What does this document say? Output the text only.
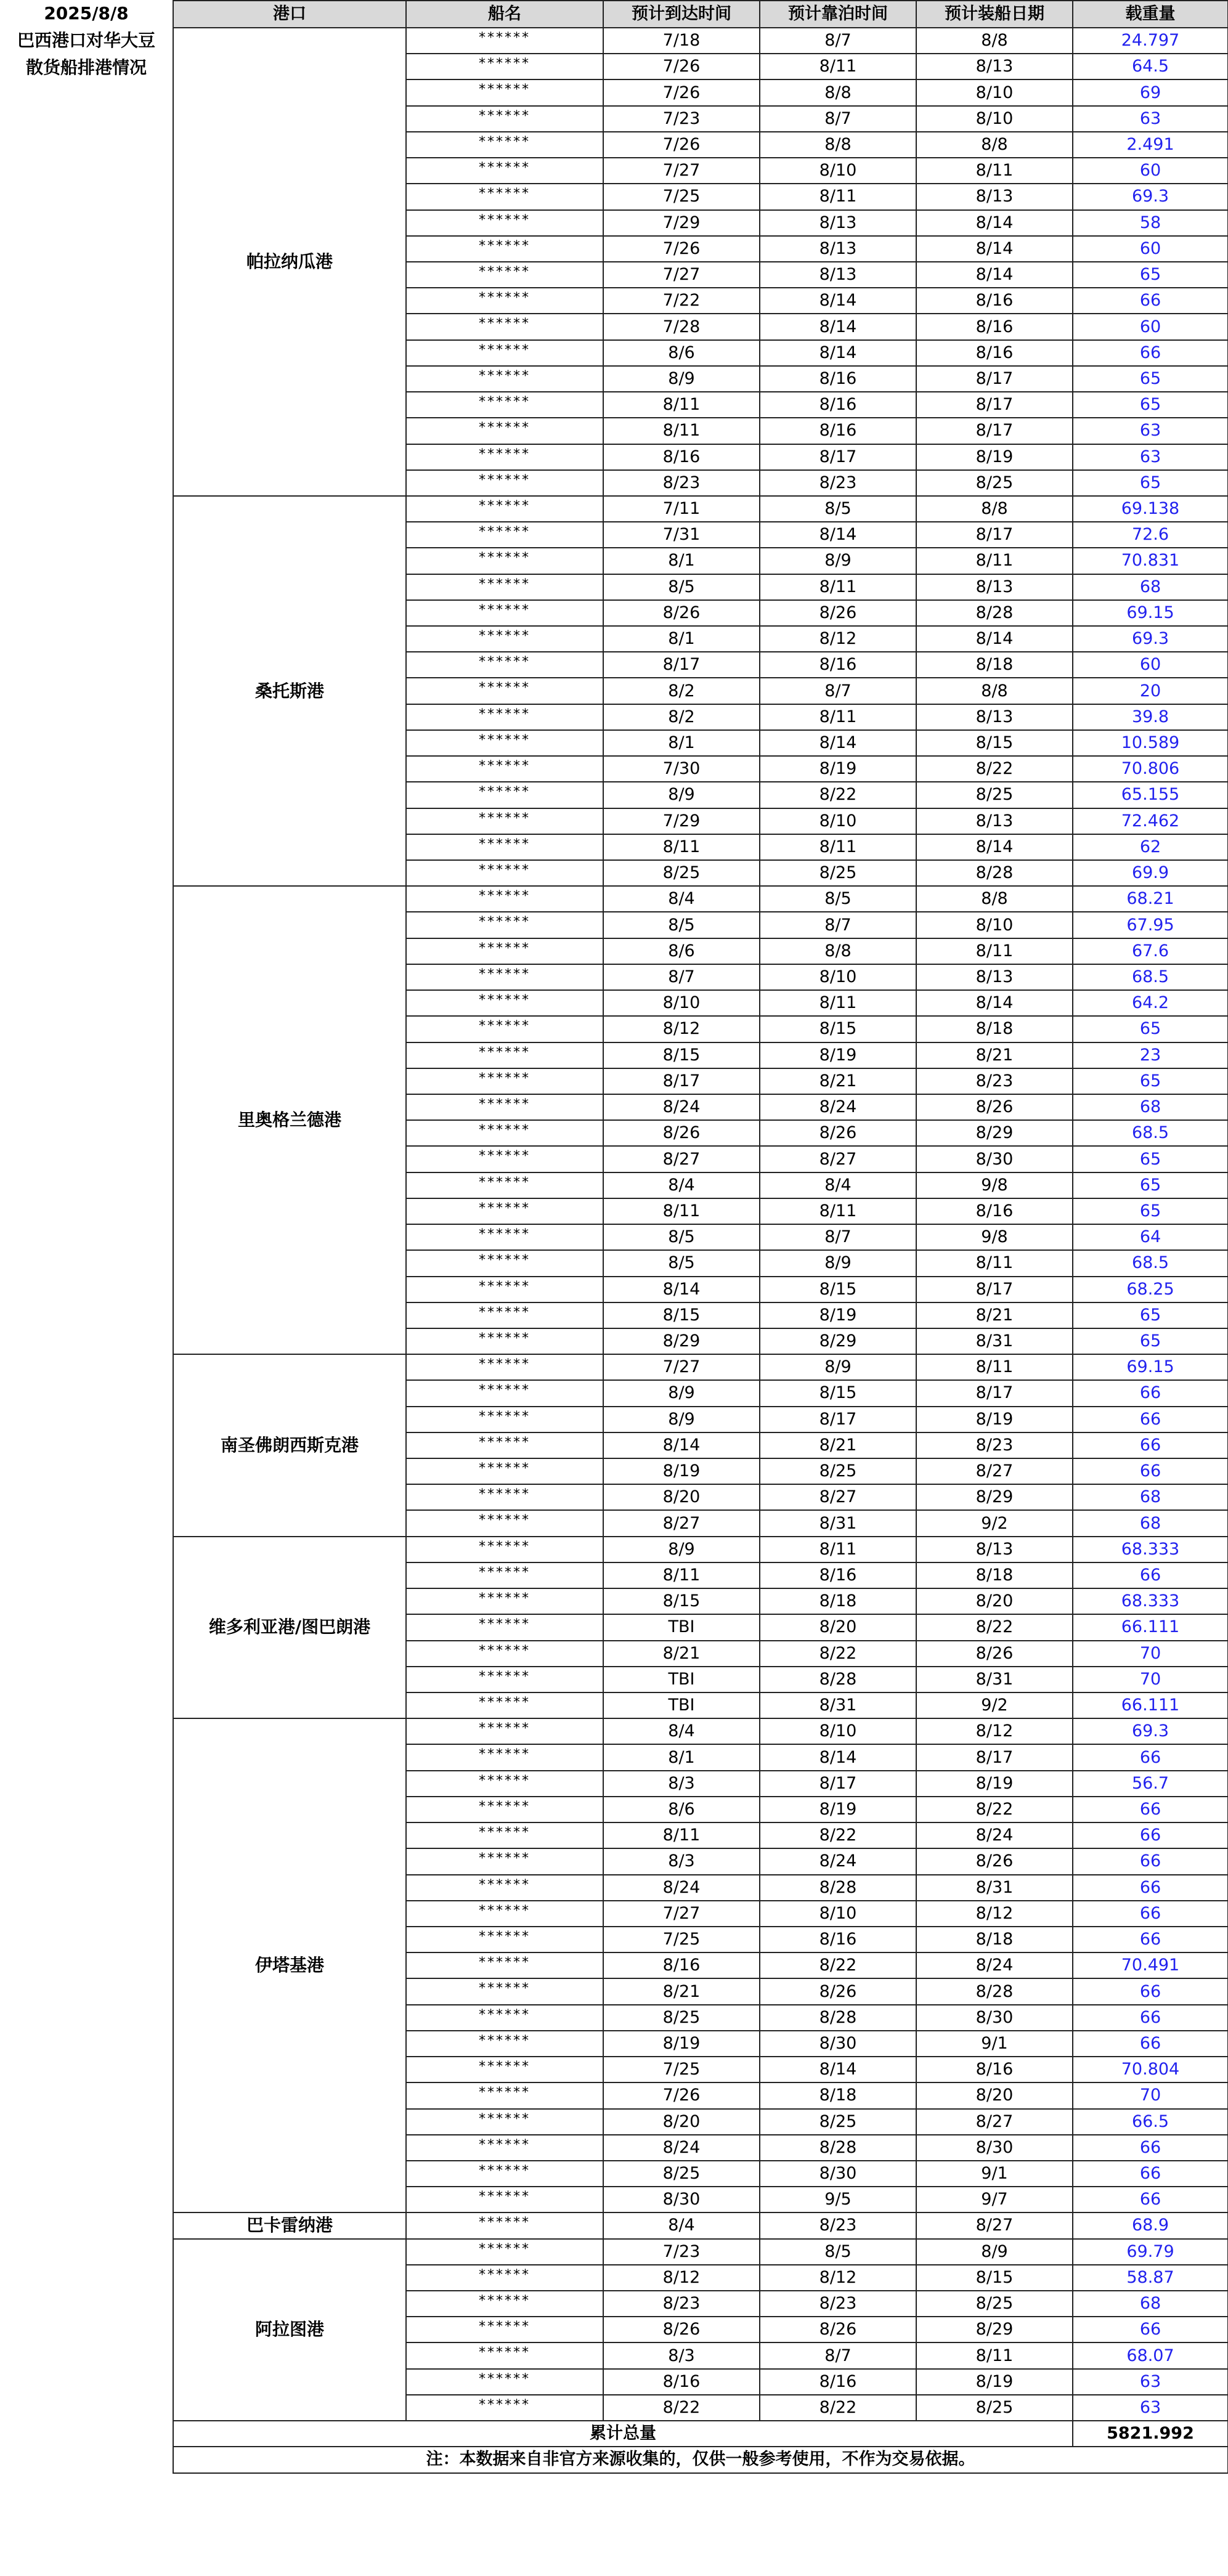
2025/8/8
巴西港口对华大豆
散货船排港情况
港口	船名	预计到达时间	预计靠泊时间	预计装船日期	载重量
帕拉纳瓜港	******	7/18	8/7	8/8	24.797
	******	7/26	8/11	8/13	64.5
	******	7/26	8/8	8/10	69
	******	7/23	8/7	8/10	63
	******	7/26	8/8	8/8	2.491
	******	7/27	8/10	8/11	60
	******	7/25	8/11	8/13	69.3
	******	7/29	8/13	8/14	58
	******	7/26	8/13	8/14	60
	******	7/27	8/13	8/14	65
	******	7/22	8/14	8/16	66
	******	7/28	8/14	8/16	60
	******	8/6	8/14	8/16	66
	******	8/9	8/16	8/17	65
	******	8/11	8/16	8/17	65
	******	8/11	8/16	8/17	63
	******	8/16	8/17	8/19	63
	******	8/23	8/23	8/25	65
桑托斯港	******	7/11	8/5	8/8	69.138
	******	7/31	8/14	8/17	72.6
	******	8/1	8/9	8/11	70.831
	******	8/5	8/11	8/13	68
	******	8/26	8/26	8/28	69.15
	******	8/1	8/12	8/14	69.3
	******	8/17	8/16	8/18	60
	******	8/2	8/7	8/8	20
	******	8/2	8/11	8/13	39.8
	******	8/1	8/14	8/15	10.589
	******	7/30	8/19	8/22	70.806
	******	8/9	8/22	8/25	65.155
	******	7/29	8/10	8/13	72.462
	******	8/11	8/11	8/14	62
	******	8/25	8/25	8/28	69.9
里奥格兰德港	******	8/4	8/5	8/8	68.21
	******	8/5	8/7	8/10	67.95
	******	8/6	8/8	8/11	67.6
	******	8/7	8/10	8/13	68.5
	******	8/10	8/11	8/14	64.2
	******	8/12	8/15	8/18	65
	******	8/15	8/19	8/21	23
	******	8/17	8/21	8/23	65
	******	8/24	8/24	8/26	68
	******	8/26	8/26	8/29	68.5
	******	8/27	8/27	8/30	65
	******	8/4	8/4	9/8	65
	******	8/11	8/11	8/16	65
	******	8/5	8/7	9/8	64
	******	8/5	8/9	8/11	68.5
	******	8/14	8/15	8/17	68.25
	******	8/15	8/19	8/21	65
	******	8/29	8/29	8/31	65
南圣佛朗西斯克港	******	7/27	8/9	8/11	69.15
	******	8/9	8/15	8/17	66
	******	8/9	8/17	8/19	66
	******	8/14	8/21	8/23	66
	******	8/19	8/25	8/27	66
	******	8/20	8/27	8/29	68
	******	8/27	8/31	9/2	68
维多利亚港/图巴朗港	******	8/9	8/11	8/13	68.333
	******	8/11	8/16	8/18	66
	******	8/15	8/18	8/20	68.333
	******	TBI	8/20	8/22	66.111
	******	8/21	8/22	8/26	70
	******	TBI	8/28	8/31	70
	******	TBI	8/31	9/2	66.111
伊塔基港	******	8/4	8/10	8/12	69.3
	******	8/1	8/14	8/17	66
	******	8/3	8/17	8/19	56.7
	******	8/6	8/19	8/22	66
	******	8/11	8/22	8/24	66
	******	8/3	8/24	8/26	66
	******	8/24	8/28	8/31	66
	******	7/27	8/10	8/12	66
	******	7/25	8/16	8/18	66
	******	8/16	8/22	8/24	70.491
	******	8/21	8/26	8/28	66
	******	8/25	8/28	8/30	66
	******	8/19	8/30	9/1	66
	******	7/25	8/14	8/16	70.804
	******	7/26	8/18	8/20	70
	******	8/20	8/25	8/27	66.5
	******	8/24	8/28	8/30	66
	******	8/25	8/30	9/1	66
	******	8/30	9/5	9/7	66
巴卡雷纳港	******	8/4	8/23	8/27	68.9
阿拉图港	******	7/23	8/5	8/9	69.79
	******	8/12	8/12	8/15	58.87
	******	8/23	8/23	8/25	68
	******	8/26	8/26	8/29	66
	******	8/3	8/7	8/11	68.07
	******	8/16	8/16	8/19	63
	******	8/22	8/22	8/25	63
累计总量					5821.992
注：本数据来自非官方来源收集的，仅供一般参考使用，不作为交易依据。					
